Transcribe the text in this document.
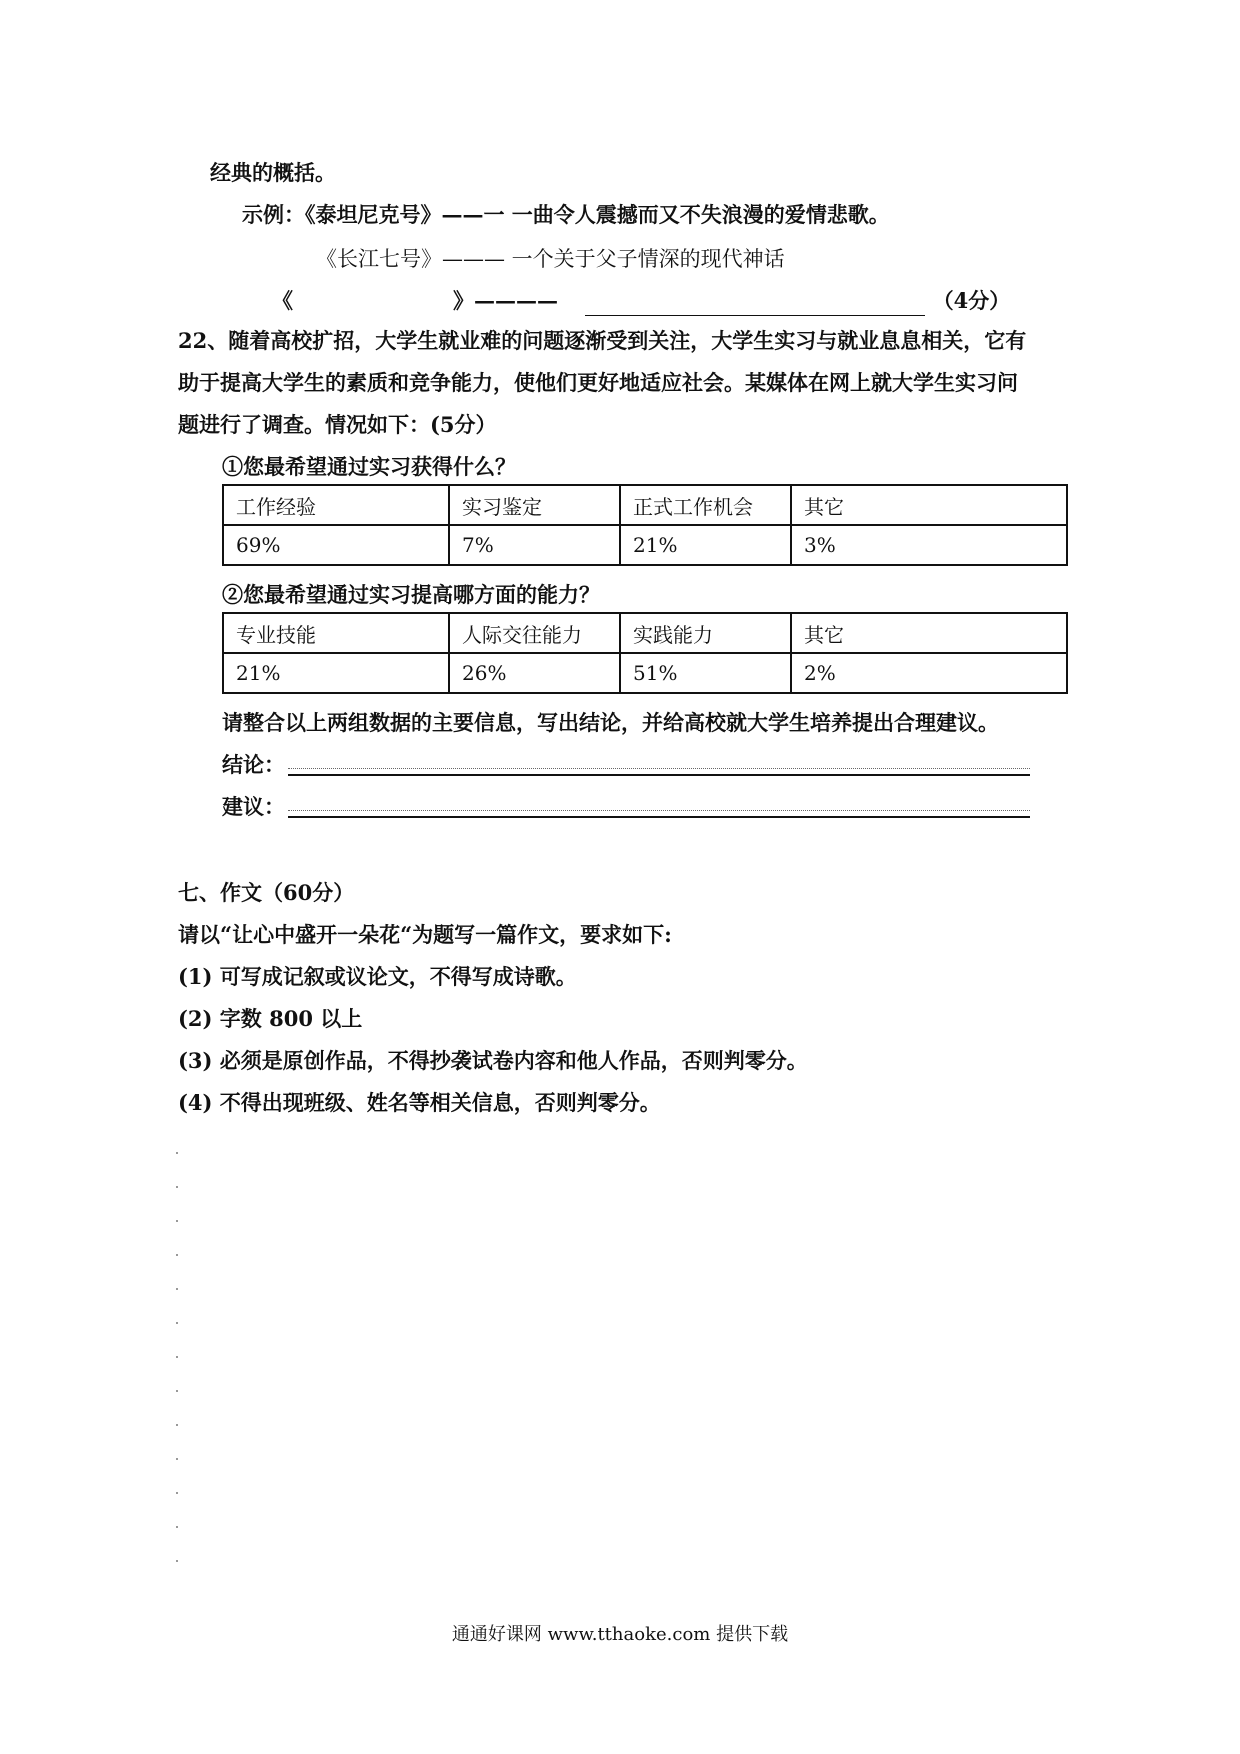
经典的概括。
示例：《泰坦尼克号》——一 一曲令人震撼而又不失浪漫的爱情悲歌。
《长江七号》——— 一个关于父子情深的现代神话
《	》————	（4分）
22、随着高校扩招，大学生就业难的问题逐渐受到关注，大学生实习与就业息息相关，它有
助于提高大学生的素质和竞争能力，使他们更好地适应社会。某媒体在网上就大学生实习问
题进行了调查。情况如下：(5分）
①您最希望通过实习获得什么？
工作经验	实习鉴定	正式工作机会	其它
69%	7%	21%	3%
②您最希望通过实习提高哪方面的能力？
专业技能	人际交往能力	实践能力	其它
21%	26%	51%	2%
请整合以上两组数据的主要信息，写出结论，并给高校就大学生培养提出合理建议。
结论：
建议：
七、作文（60分）
请以“让心中盛开一朵花“为题写一篇作文，要求如下:
(1) 可写成记叙或议论文，不得写成诗歌。
(2) 字数 800 以上
(3) 必须是原创作品，不得抄袭试卷内容和他人作品，否则判零分。
(4) 不得出现班级、姓名等相关信息，否则判零分。
通通好课网 www.tthaoke.com 提供下载
